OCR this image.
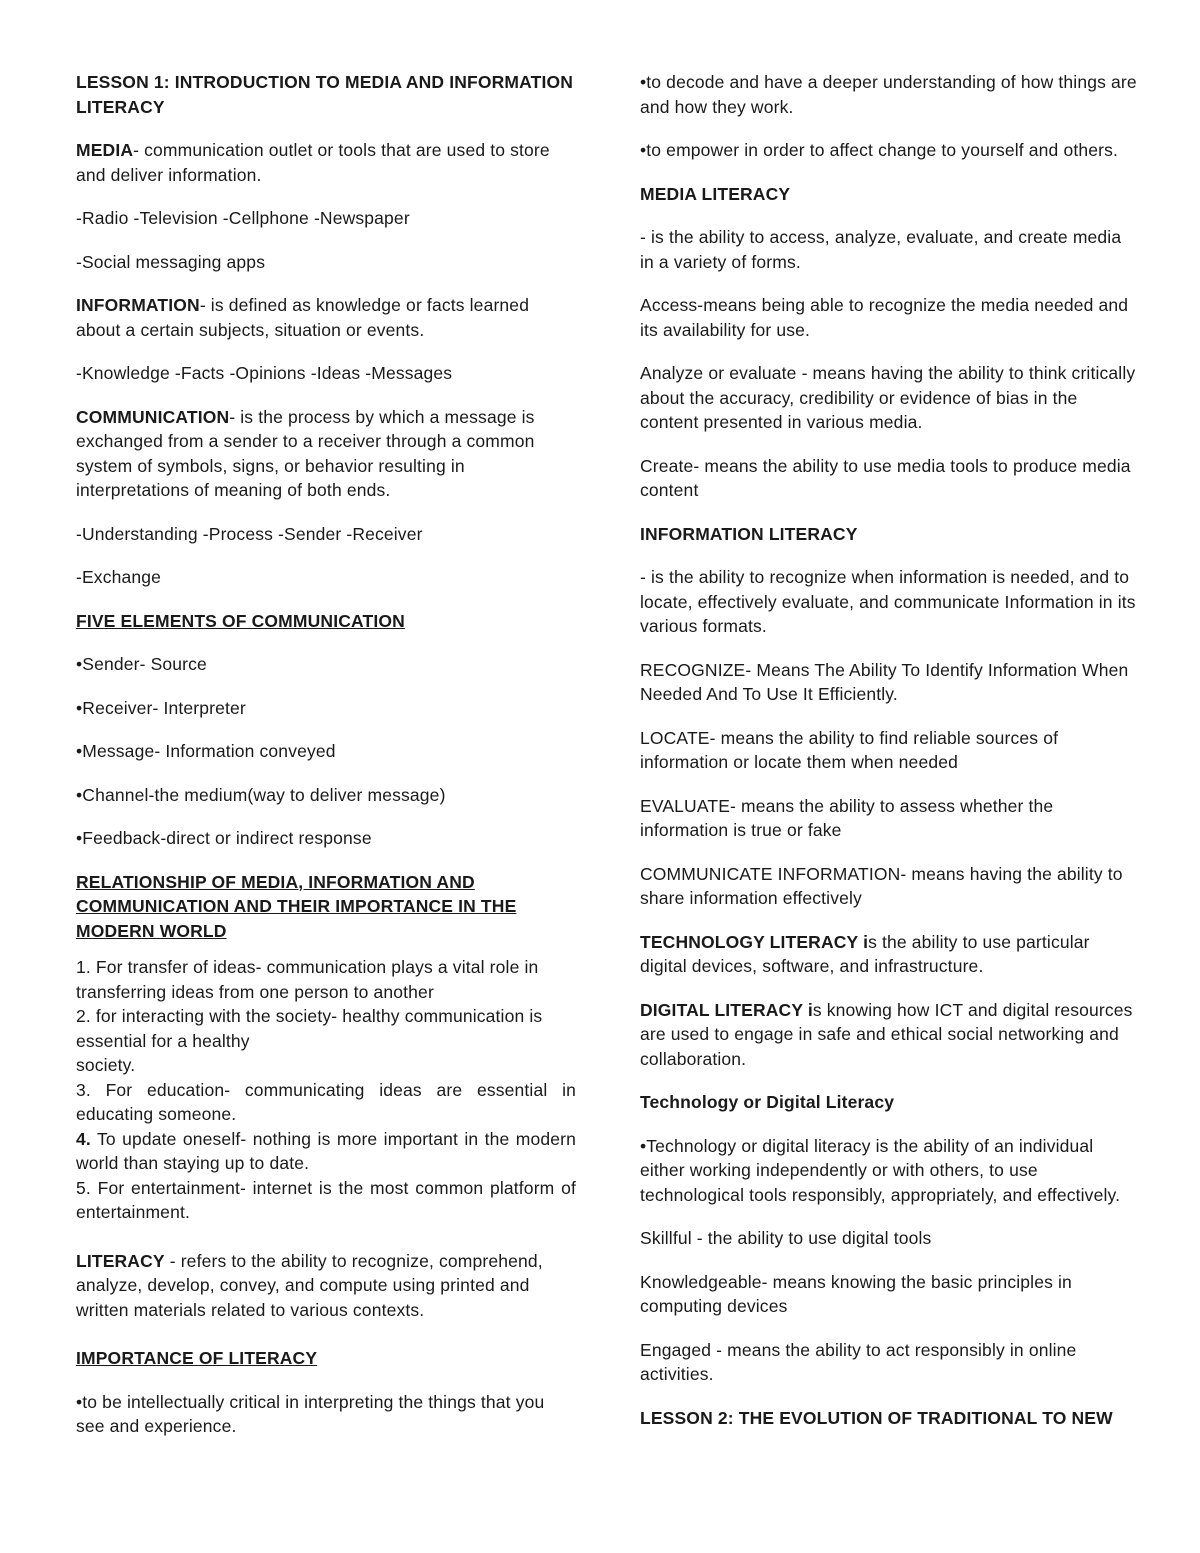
LESSON 1: INTRODUCTION TO MEDIA AND INFORMATION LITERACY

MEDIA- communication outlet or tools that are used to store and deliver information.

-Radio -Television -Cellphone -Newspaper

-Social messaging apps

INFORMATION- is defined as knowledge or facts learned about a certain subjects, situation or events.

-Knowledge -Facts -Opinions -Ideas -Messages

COMMUNICATION- is the process by which a message is exchanged from a sender to a receiver through a common system of symbols, signs, or behavior resulting in interpretations of meaning of both ends.

-Understanding -Process -Sender -Receiver

-Exchange

FIVE ELEMENTS OF COMMUNICATION

•Sender- Source

•Receiver- Interpreter

•Message- Information conveyed

•Channel-the medium(way to deliver message)

•Feedback-direct or indirect response

RELATIONSHIP OF MEDIA, INFORMATION AND COMMUNICATION AND THEIR IMPORTANCE IN THE MODERN WORLD

1. For transfer of ideas- communication plays a vital role in transferring ideas from one person to another

2. for interacting with the society- healthy communication is essential for a healthy

society.

3. For education- communicating ideas are essential in educating someone.

4. To update oneself- nothing is more important in the modern world than staying up to date.

5. For entertainment- internet is the most common platform of entertainment.

LITERACY - refers to the ability to recognize, comprehend, analyze, develop, convey, and compute using printed and written materials related to various contexts.

IMPORTANCE OF LITERACY

•to be intellectually critical in interpreting the things that you see and experience.

•to decode and have a deeper understanding of how things are and how they work.

•to empower in order to affect change to yourself and others.

MEDIA LITERACY

- is the ability to access, analyze, evaluate, and create media in a variety of forms.

Access-means being able to recognize the media needed and its availability for use.

Analyze or evaluate - means having the ability to think critically about the accuracy, credibility or evidence of bias in the content presented in various media.

Create- means the ability to use media tools to produce media content

INFORMATION LITERACY

- is the ability to recognize when information is needed, and to locate, effectively evaluate, and communicate Information in its various formats.

RECOGNIZE- Means The Ability To Identify Information When Needed And To Use It Efficiently.

LOCATE- means the ability to find reliable sources of information or locate them when needed

EVALUATE- means the ability to assess whether the information is true or fake

COMMUNICATE INFORMATION- means having the ability to share information effectively

TECHNOLOGY LITERACY is the ability to use particular digital devices, software, and infrastructure.

DIGITAL LITERACY is knowing how ICT and digital resources are used to engage in safe and ethical social networking and collaboration.

Technology or Digital Literacy

•Technology or digital literacy is the ability of an individual either working independently or with others, to use technological tools responsibly, appropriately, and effectively.

Skillful - the ability to use digital tools

Knowledgeable- means knowing the basic principles in computing devices

Engaged - means the ability to act responsibly in online activities.

LESSON 2: THE EVOLUTION OF TRADITIONAL TO NEW
